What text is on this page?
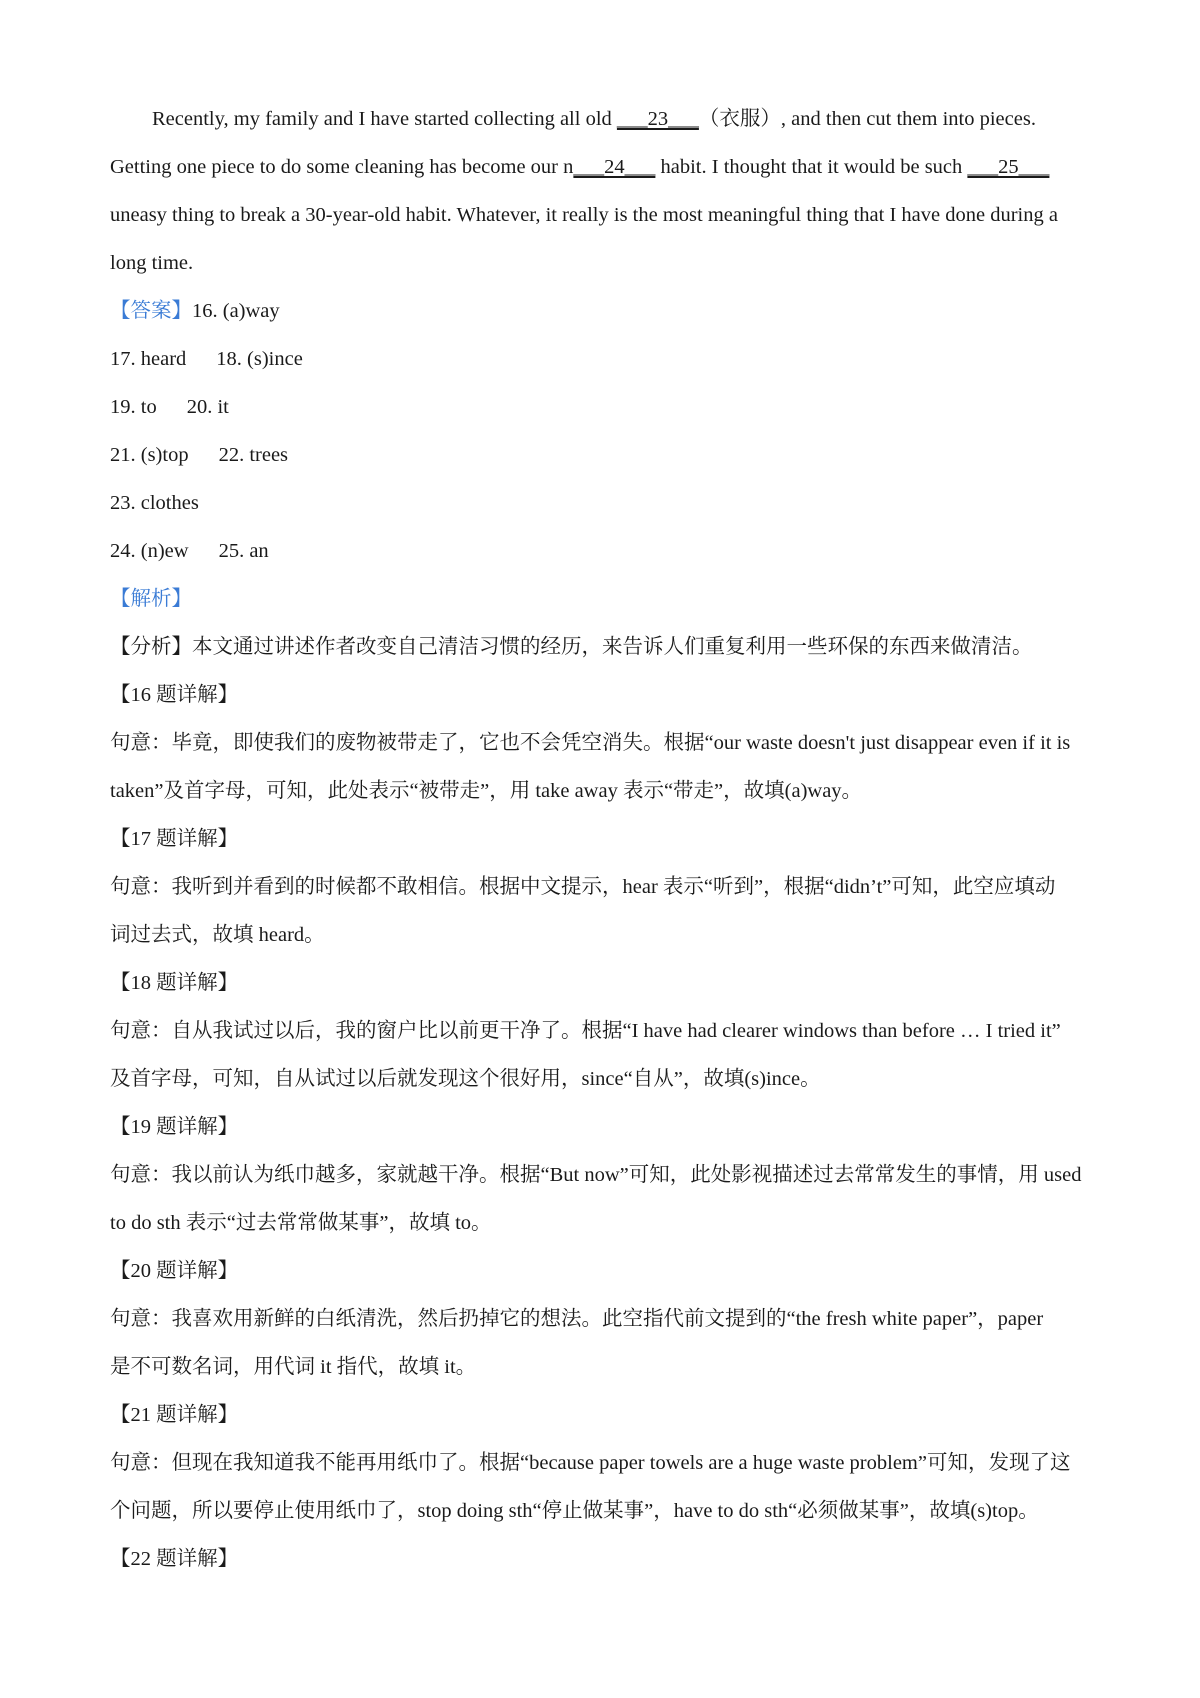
Recently, my family and I have started collecting all old ___23___（衣服）, and then cut them into pieces.
Getting one piece to do some cleaning has become our n___24___ habit. I thought that it would be such ___25___
uneasy thing to break a 30-year-old habit. Whatever, it really is the most meaningful thing that I have done during a
long time.
【答案】16. (a)way
17. heard 18. (s)ince
19. to 20. it
21. (s)top 22. trees
23. clothes
24. (n)ew 25. an
【解析】
【分析】本文通过讲述作者改变自己清洁习惯的经历，来告诉人们重复利用一些环保的东西来做清洁。
【16 题详解】
句意：毕竟，即使我们的废物被带走了，它也不会凭空消失。根据“our waste doesn't just disappear even if it is
taken”及首字母，可知，此处表示“被带走”，用 take away 表示“带走”，故填(a)way。
【17 题详解】
句意：我听到并看到的时候都不敢相信。根据中文提示，hear 表示“听到”，根据“didn’t”可知，此空应填动
词过去式，故填 heard。
【18 题详解】
句意：自从我试过以后，我的窗户比以前更干净了。根据“I have had clearer windows than before … I tried it”
及首字母，可知，自从试过以后就发现这个很好用，since“自从”，故填(s)ince。
【19 题详解】
句意：我以前认为纸巾越多，家就越干净。根据“But now”可知，此处影视描述过去常常发生的事情，用 used
to do sth 表示“过去常常做某事”，故填 to。
【20 题详解】
句意：我喜欢用新鲜的白纸清洗，然后扔掉它的想法。此空指代前文提到的“the fresh white paper”，paper
是不可数名词，用代词 it 指代，故填 it。
【21 题详解】
句意：但现在我知道我不能再用纸巾了。根据“because paper towels are a huge waste problem”可知，发现了这
个问题，所以要停止使用纸巾了，stop doing sth“停止做某事”，have to do sth“必须做某事”，故填(s)top。
【22 题详解】
